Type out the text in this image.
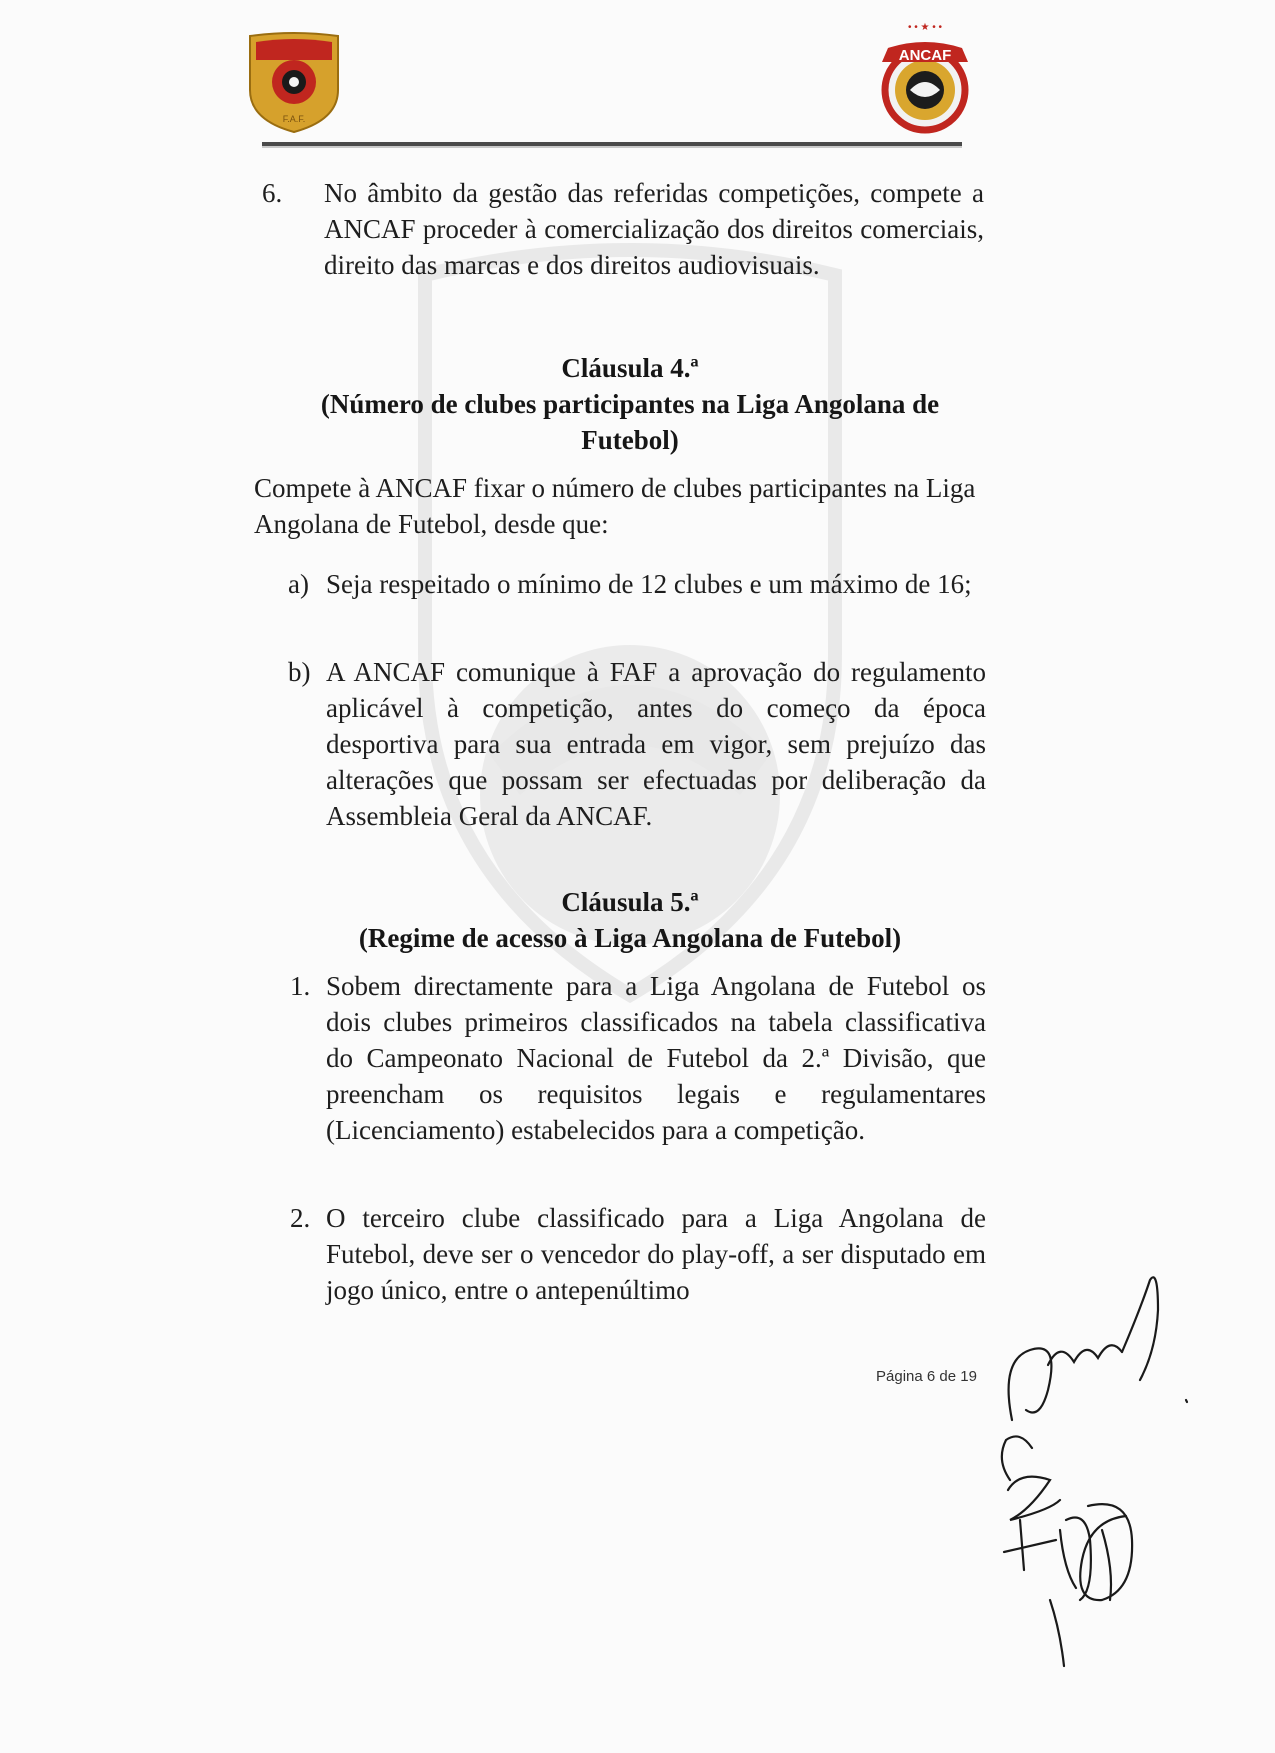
F.A.F.
• • ★ • •
ANCAF
6. No âmbito da gestão das referidas competições, compete a ANCAF proceder à comercialização dos direitos comerciais, direito das marcas e dos direitos audiovisuais.
Cláusula 4.ª
(Número de clubes participantes na Liga Angolana de
Futebol)
Compete à ANCAF fixar o número de clubes participantes na Liga Angolana de Futebol, desde que:
a) Seja respeitado o mínimo de 12 clubes e um máximo de 16;
b) A ANCAF comunique à FAF a aprovação do regulamento aplicável à competição, antes do começo da época desportiva para sua entrada em vigor, sem prejuízo das alterações que possam ser efectuadas por deliberação da Assembleia Geral da ANCAF.
Cláusula 5.ª
(Regime de acesso à Liga Angolana de Futebol)
1. Sobem directamente para a Liga Angolana de Futebol os dois clubes primeiros classificados na tabela classificativa do Campeonato Nacional de Futebol da 2.ª Divisão, que preencham os requisitos legais e regulamentares (Licenciamento) estabelecidos para a competição.
2. O terceiro clube classificado para a Liga Angolana de Futebol, deve ser o vencedor do play-off, a ser disputado em jogo único, entre o antepenúltimo
Página 6 de 19
